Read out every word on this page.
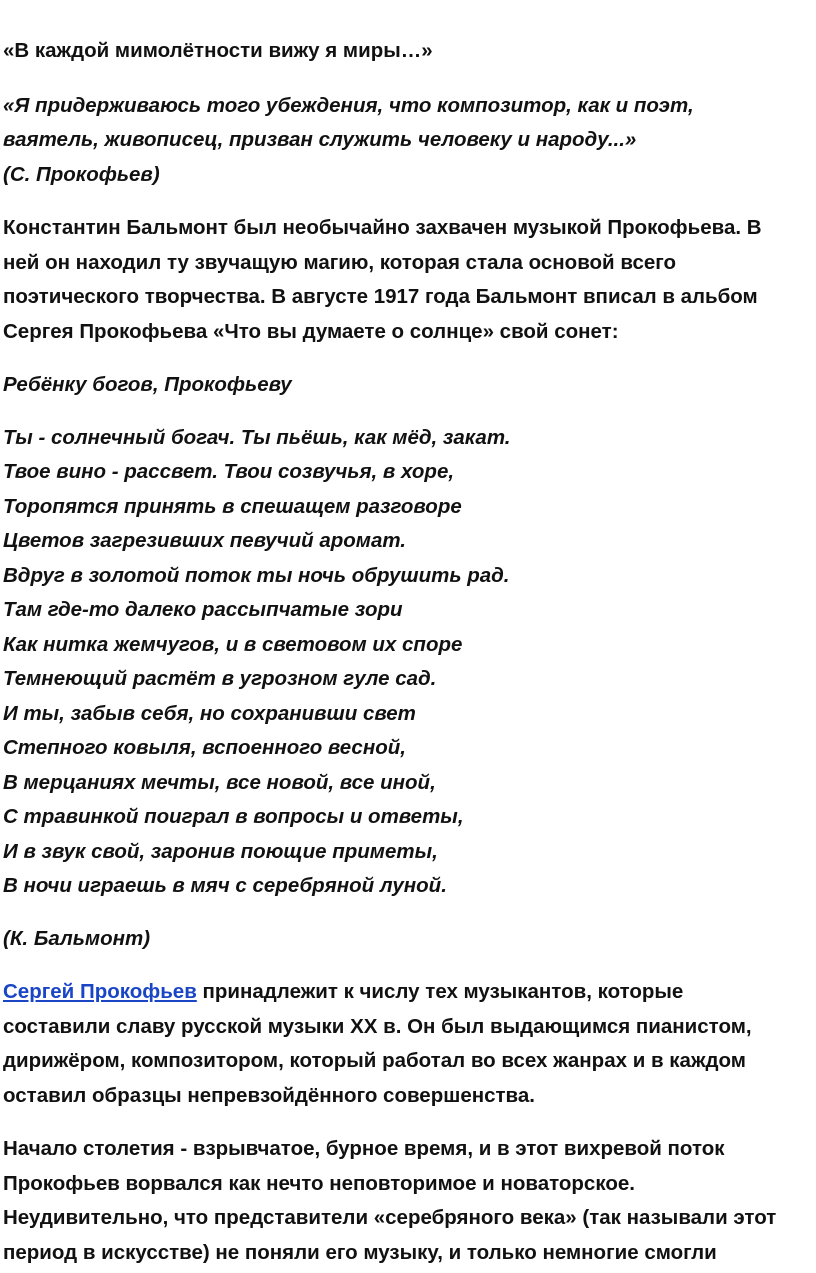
«В каждой мимолётности вижу я миры…»

«Я придерживаюсь того убеждения, что композитор, как и поэт,

ваятель, живописец, призван служить человеку и народу...»

(С. Прокофьев)

Константин Бальмонт был необычайно захвачен музыкой Прокофьева. В

ней он находил ту звучащую магию, которая стала основой всего

поэтического творчества. В августе 1917 года Бальмонт вписал в альбом

Сергея Прокофьева «Что вы думаете о солнце» свой сонет:

Ребёнку богов, Прокофьеву

Ты - солнечный богач. Ты пьёшь, как мёд, закат.

Твое вино - рассвет. Твои созвучья, в хоре,

Торопятся принять в спешащем разговоре

Цветов загрезивших певучий аромат.

Вдруг в золотой поток ты ночь обрушить рад.

Там где-то далеко рассыпчатые зори

Как нитка жемчугов, и в световом их споре

Темнеющий растёт в угрозном гуле сад.

И ты, забыв себя, но сохранивши свет

Степного ковыля, вспоенного весной,

В мерцаниях мечты, все новой, все иной,

С травинкой поиграл в вопросы и ответы,

И в звук свой, заронив поющие приметы,

В ночи играешь в мяч с серебряной луной.

(К. Бальмонт)

Сергей Прокофьев принадлежит к числу тех музыкантов, которые

составили славу русской музыки XX в. Он был выдающимся пианистом,

дирижёром, композитором, который работал во всех жанрах и в каждом

оставил образцы непревзойдённого совершенства.

Начало столетия - взрывчатое, бурное время, и в этот вихревой поток

Прокофьев ворвался как нечто неповторимое и новаторское.

Неудивительно, что представители «серебряного века» (так называли этот

период в искусстве) не поняли его музыку, и только немногие смогли
